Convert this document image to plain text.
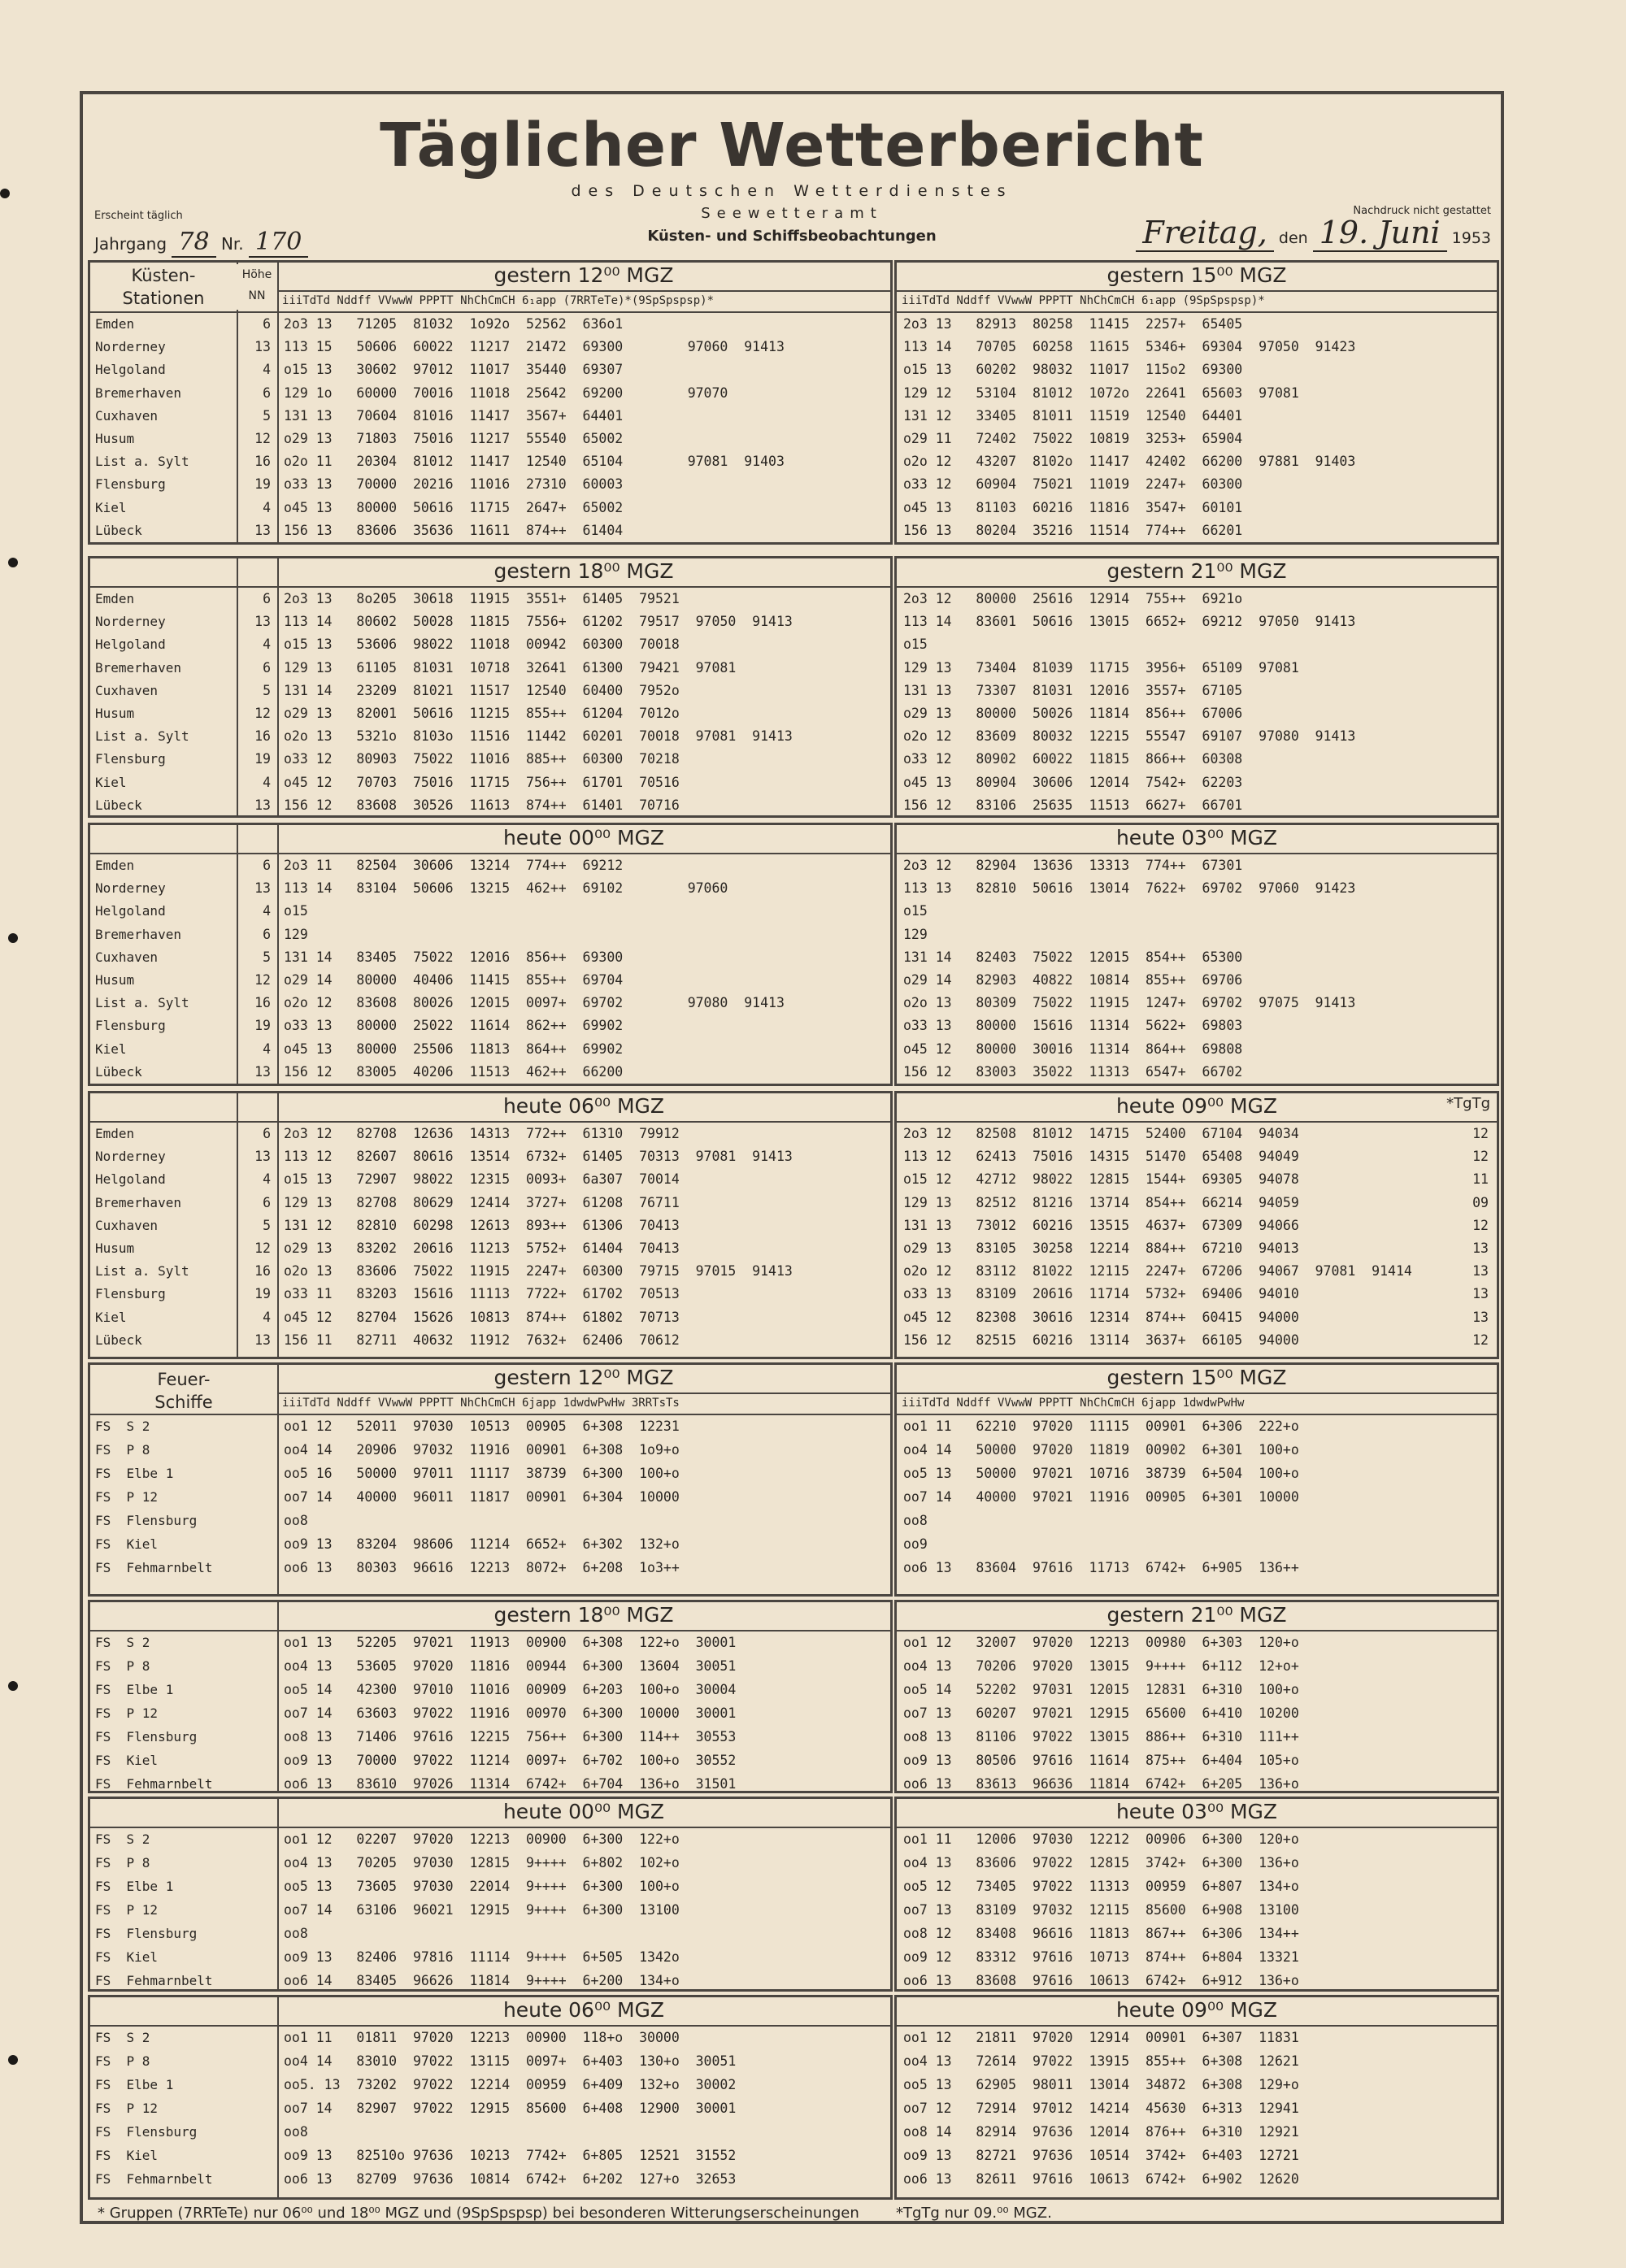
Täglicher Wetterbericht
des Deutschen Wetterdienstes
Seewetteramt
Küsten- und Schiffsbeobachtungen
Erscheint täglich	Nachdruck nicht gestattet
Jahrgang 78 Nr. 170	Freitag, den 19. Juni 1953
gestern 12⁰⁰ MGZ
iiiTdTd Nddff VVwwW PPPTT NhChCmCH 6₁app (7RRTeTe)*(9SpSpspsp)*
Emden	6 2o3 13   71205  81032  1o92o  52562  636o1
Norderney	13 113 15   50606  60022  11217  21472  69300        97060  91413
Helgoland	4 o15 13   30602  97012  11017  35440  69307
Bremerhaven	6 129 1o   60000  70016  11018  25642  69200        97070
Cuxhaven	5 131 13   70604  81016  11417  3567+  64401
Husum	12 o29 13   71803  75016  11217  55540  65002
List a. Sylt	16 o2o 11   20304  81012  11417  12540  65104        97081  91403
Flensburg	19 o33 13   70000  20216  11016  27310  60003
Kiel	4 o45 13   80000  50616  11715  2647+  65002
Lübeck	13 156 13   83606  35636  11611  874++  61404
Küsten-
Stationen
Höhe
NN
gestern 15⁰⁰ MGZ
iiiTdTd Nddff VVwwW PPPTT NhChCmCH 6₁app (9SpSpspsp)*
2o3 13   82913  80258  11415  2257+  65405
113 14   70705  60258  11615  5346+  69304  97050  91423
o15 13   60202  98032  11017  115o2  69300
129 12   53104  81012  1072o  22641  65603  97081
131 12   33405  81011  11519  12540  64401
o29 11   72402  75022  10819  3253+  65904
o2o 12   43207  8102o  11417  42402  66200  97881  91403
o33 12   60904  75021  11019  2247+  60300
o45 13   81103  60216  11816  3547+  60101
156 13   80204  35216  11514  774++  66201
gestern 18⁰⁰ MGZ
Emden	6 2o3 13   8o205  30618  11915  3551+  61405  79521
Norderney	13 113 14   80602  50028  11815  7556+  61202  79517  97050  91413
Helgoland	4 o15 13   53606  98022  11018  00942  60300  70018
Bremerhaven	6 129 13   61105  81031  10718  32641  61300  79421  97081
Cuxhaven	5 131 14   23209  81021  11517  12540  60400  7952o
Husum	12 o29 13   82001  50616  11215  855++  61204  7012o
List a. Sylt	16 o2o 13   5321o  8103o  11516  11442  60201  70018  97081  91413
Flensburg	19 o33 12   80903  75022  11016  885++  60300  70218
Kiel	4 o45 12   70703  75016  11715  756++  61701  70516
Lübeck	13 156 12   83608  30526  11613  874++  61401  70716
gestern 21⁰⁰ MGZ
2o3 12   80000  25616  12914  755++  6921o
113 14   83601  50616  13015  6652+  69212  97050  91413
o15
129 13   73404  81039  11715  3956+  65109  97081
131 13   73307  81031  12016  3557+  67105
o29 13   80000  50026  11814  856++  67006
o2o 12   83609  80032  12215  55547  69107  97080  91413
o33 12   80902  60022  11815  866++  60308
o45 13   80904  30606  12014  7542+  62203
156 12   83106  25635  11513  6627+  66701
heute 00⁰⁰ MGZ
Emden	6 2o3 11   82504  30606  13214  774++  69212
Norderney	13 113 14   83104  50606  13215  462++  69102        97060
Helgoland	4 o15
Bremerhaven	6 129
Cuxhaven	5 131 14   83405  75022  12016  856++  69300
Husum	12 o29 14   80000  40406  11415  855++  69704
List a. Sylt	16 o2o 12   83608  80026  12015  0097+  69702        97080  91413
Flensburg	19 o33 13   80000  25022  11614  862++  69902
Kiel	4 o45 13   80000  25506  11813  864++  69902
Lübeck	13 156 12   83005  40206  11513  462++  66200
heute 03⁰⁰ MGZ
2o3 12   82904  13636  13313  774++  67301
113 13   82810  50616  13014  7622+  69702  97060  91423
o15
129
131 14   82403  75022  12015  854++  65300
o29 14   82903  40822  10814  855++  69706
o2o 13   80309  75022  11915  1247+  69702  97075  91413
o33 13   80000  15616  11314  5622+  69803
o45 12   80000  30016  11314  864++  69808
156 12   83003  35022  11313  6547+  66702
heute 06⁰⁰ MGZ
Emden	6 2o3 12   82708  12636  14313  772++  61310  79912
Norderney	13 113 12   82607  80616  13514  6732+  61405  70313  97081  91413
Helgoland	4 o15 13   72907  98022  12315  0093+  6a307  70014
Bremerhaven	6 129 13   82708  80629  12414  3727+  61208  76711
Cuxhaven	5 131 12   82810  60298  12613  893++  61306  70413
Husum	12 o29 13   83202  20616  11213  5752+  61404  70413
List a. Sylt	16 o2o 13   83606  75022  11915  2247+  60300  79715  97015  91413
Flensburg	19 o33 11   83203  15616  11113  7722+  61702  70513
Kiel	4 o45 12   82704  15626  10813  874++  61802  70713
Lübeck	13 156 11   82711  40632  11912  7632+  62406  70612
heute 09⁰⁰ MGZ	*TgTg
2o3 12   82508  81012  14715  52400  67104  94034	12
113 12   62413  75016  14315  51470  65408  94049	12
o15 12   42712  98022  12815  1544+  69305  94078	11
129 13   82512  81216  13714  854++  66214  94059	09
131 13   73012  60216  13515  4637+  67309  94066	12
o29 13   83105  30258  12214  884++  67210  94013	13
o2o 12   83112  81022  12115  2247+  67206  94067  97081  91414	13
o33 13   83109  20616  11714  5732+  69406  94010	13
o45 12   82308  30616  12314  874++  60415  94000	13
156 12   82515  60216  13114  3637+  66105  94000	12
gestern 12⁰⁰ MGZ
iiiTdTd Nddff VVwwW PPPTT NhChCmCH 6japp 1dwdwPwHw 3RRTsTs
FS  S 2	oo1 12   52011  97030  10513  00905  6+308  12231
FS  P 8	oo4 14   20906  97032  11916  00901  6+308  1o9+o
FS  Elbe 1	oo5 16   50000  97011  11117  38739  6+300  100+o
FS  P 12	oo7 14   40000  96011  11817  00901  6+304  10000
FS  Flensburg	oo8
FS  Kiel	oo9 13   83204  98606  11214  6652+  6+302  132+o
FS  Fehmarnbelt	oo6 13   80303  96616  12213  8072+  6+208  1o3++
Feuer-
Schiffe
gestern 15⁰⁰ MGZ
iiiTdTd Nddff VVwwW PPPTT NhChCmCH 6japp 1dwdwPwHw
oo1 11   62210  97020  11115  00901  6+306  222+o
oo4 14   50000  97020  11819  00902  6+301  100+o
oo5 13   50000  97021  10716  38739  6+504  100+o
oo7 14   40000  97021  11916  00905  6+301  10000
oo8
oo9
oo6 13   83604  97616  11713  6742+  6+905  136++
gestern 18⁰⁰ MGZ
FS  S 2	oo1 13   52205  97021  11913  00900  6+308  122+o  30001
FS  P 8	oo4 13   53605  97020  11816  00944  6+300  13604  30051
FS  Elbe 1	oo5 14   42300  97010  11016  00909  6+203  100+o  30004
FS  P 12	oo7 14   63603  97022  11916  00970  6+300  10000  30001
FS  Flensburg	oo8 13   71406  97616  12215  756++  6+300  114++  30553
FS  Kiel	oo9 13   70000  97022  11214  0097+  6+702  100+o  30552
FS  Fehmarnbelt	oo6 13   83610  97026  11314  6742+  6+704  136+o  31501
gestern 21⁰⁰ MGZ
oo1 12   32007  97020  12213  00980  6+303  120+o
oo4 13   70206  97020  13015  9++++  6+112  12+o+
oo5 14   52202  97031  12015  12831  6+310  100+o
oo7 13   60207  97021  12915  65600  6+410  10200
oo8 13   81106  97022  13015  886++  6+310  111++
oo9 13   80506  97616  11614  875++  6+404  105+o
oo6 13   83613  96636  11814  6742+  6+205  136+o
heute 00⁰⁰ MGZ
FS  S 2	oo1 12   02207  97020  12213  00900  6+300  122+o
FS  P 8	oo4 13   70205  97030  12815  9++++  6+802  102+o
FS  Elbe 1	oo5 13   73605  97030  22014  9++++  6+300  100+o
FS  P 12	oo7 14   63106  96021  12915  9++++  6+300  13100
FS  Flensburg	oo8
FS  Kiel	oo9 13   82406  97816  11114  9++++  6+505  1342o
FS  Fehmarnbelt	oo6 14   83405  96626  11814  9++++  6+200  134+o
heute 03⁰⁰ MGZ
oo1 11   12006  97030  12212  00906  6+300  120+o
oo4 13   83606  97022  12815  3742+  6+300  136+o
oo5 12   73405  97022  11313  00959  6+807  134+o
oo7 13   83109  97032  12115  85600  6+908  13100
oo8 12   83408  96616  11813  867++  6+306  134++
oo9 12   83312  97616  10713  874++  6+804  13321
oo6 13   83608  97616  10613  6742+  6+912  136+o
heute 06⁰⁰ MGZ
FS  S 2	oo1 11   01811  97020  12213  00900  118+o  30000
FS  P 8	oo4 14   83010  97022  13115  0097+  6+403  130+o  30051
FS  Elbe 1	oo5. 13  73202  97022  12214  00959  6+409  132+o  30002
FS  P 12	oo7 14   82907  97022  12915  85600  6+408  12900  30001
FS  Flensburg	oo8
FS  Kiel	oo9 13   82510o 97636  10213  7742+  6+805  12521  31552
FS  Fehmarnbelt	oo6 13   82709  97636  10814  6742+  6+202  127+o  32653
heute 09⁰⁰ MGZ
oo1 12   21811  97020  12914  00901  6+307  11831
oo4 13   72614  97022  13915  855++  6+308  12621
oo5 13   62905  98011  13014  34872  6+308  129+o
oo7 12   72914  97012  14214  45630  6+313  12941
oo8 14   82914  97636  12014  876++  6+310  12921
oo9 13   82721  97636  10514  3742+  6+403  12721
oo6 13   82611  97616  10613  6742+  6+902  12620
* Gruppen (7RRTeTe) nur 06⁰⁰ und 18⁰⁰ MGZ und (9SpSpspsp) bei besonderen Witterungserscheinungen	*TgTg nur 09.⁰⁰ MGZ.
